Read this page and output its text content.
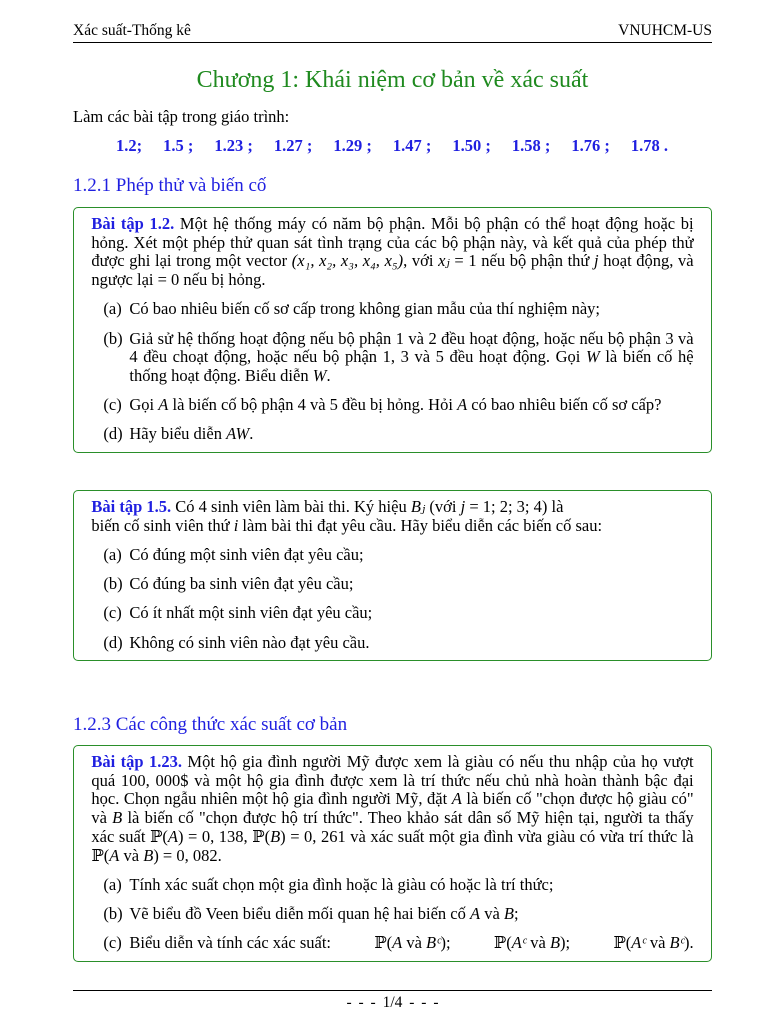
Xác suất-Thống kê	VNUHCM-US
Chương 1: Khái niệm cơ bản về xác suất

Làm các bài tập trong giáo trình:

1.2; 1.5 ; 1.23 ; 1.27 ; 1.29 ; 1.47 ; 1.50 ; 1.58 ; 1.76 ; 1.78 .
1.2.1 Phép thử và biến cố

Bài tập 1.2. Một hệ thống máy có năm bộ phận. Mỗi bộ phận có thể hoạt động hoặc bị hỏng. Xét một phép thử quan sát tình trạng của các bộ phận này, và kết quả của phép thử được ghi lại trong một vector (x₁, x₂, x₃, x₄, x₅), với xⱼ = 1 nếu bộ phận thứ j hoạt động, và ngược lại = 0 nếu bị hỏng.

(a) Có bao nhiêu biến cố sơ cấp trong không gian mẫu của thí nghiệm này;
(b) Giả sử hệ thống hoạt động nếu bộ phận 1 và 2 đều hoạt động, hoặc nếu bộ phận 3 và 4 đều choạt động, hoặc nếu bộ phận 1, 3 và 5 đều hoạt động. Gọi W là biến cố hệ thống hoạt động. Biểu diễn W.
(c) Gọi A là biến cố bộ phận 4 và 5 đều bị hỏng. Hỏi A có bao nhiêu biến cố sơ cấp?
(d) Hãy biểu diễn AW.

Bài tập 1.5. Có 4 sinh viên làm bài thi. Ký hiệu Bⱼ (với j = 1; 2; 3; 4) là
biến cố sinh viên thứ i làm bài thi đạt yêu cầu. Hãy biểu diễn các biến cố sau:

(a) Có đúng một sinh viên đạt yêu cầu;
(b) Có đúng ba sinh viên đạt yêu cầu;
(c) Có ít nhất một sinh viên đạt yêu cầu;
(d) Không có sinh viên nào đạt yêu cầu.
1.2.3 Các công thức xác suất cơ bản

Bài tập 1.23. Một hộ gia đình người Mỹ được xem là giàu có nếu thu nhập của họ vượt quá 100, 000$ và một hộ gia đình được xem là trí thức nếu chủ nhà hoàn thành bậc đại học. Chọn ngẫu nhiên một hộ gia đình người Mỹ, đặt A là biến cố "chọn được hộ giàu có" và B là biến cố "chọn được hộ trí thức". Theo khảo sát dân số Mỹ hiện tại, người ta thấy xác suất ℙ(A) = 0, 138, ℙ(B) = 0, 261 và xác suất một gia đình vừa giàu có vừa trí thức là ℙ(A và B) = 0, 082.

(a) Tính xác suất chọn một gia đình hoặc là giàu có hoặc là trí thức;
(b) Vẽ biểu đồ Veen biểu diễn mối quan hệ hai biến cố A và B;
(c) Biểu diễn và tính các xác suất:	ℙ(A và Bᶜ);	ℙ(Aᶜ và B);	ℙ(Aᶜ và Bᶜ).
- - - 1/4 - - -
